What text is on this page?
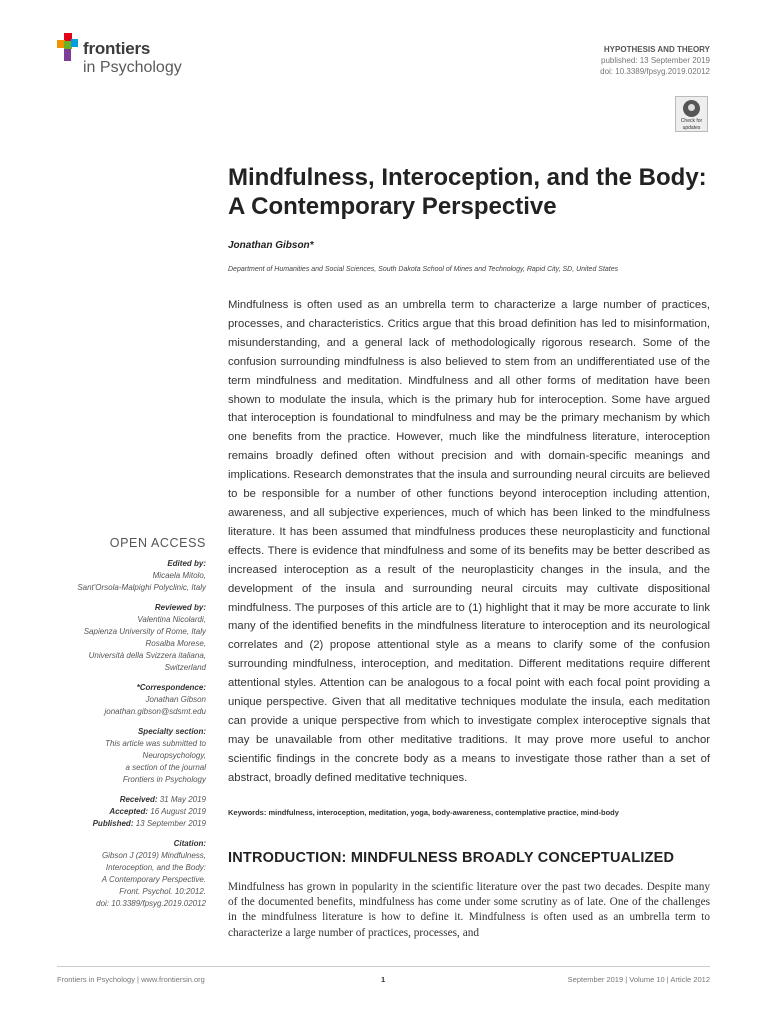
frontiers
in Psychology
HYPOTHESIS AND THEORY
published: 13 September 2019
doi: 10.3389/fpsyg.2019.02012
Check for
updates
Mindfulness, Interoception, and the Body: A Contemporary Perspective
Jonathan Gibson*
Department of Humanities and Social Sciences, South Dakota School of Mines and Technology, Rapid City, SD, United States

Mindfulness is often used as an umbrella term to characterize a large number of practices, processes, and characteristics. Critics argue that this broad definition has led to misinformation, misunderstanding, and a general lack of methodologically rigorous research. Some of the confusion surrounding mindfulness is also believed to stem from an undifferentiated use of the term mindfulness and meditation. Mindfulness and all other forms of meditation have been shown to modulate the insula, which is the primary hub for interoception. Some have argued that interoception is foundational to mindfulness and may be the primary mechanism by which one benefits from the practice. However, much like the mindfulness literature, interoception remains broadly defined often without precision and with domain-specific meanings and implications. Research demonstrates that the insula and surrounding neural circuits are believed to be responsible for a number of other functions beyond interoception including attention, awareness, and all subjective experiences, much of which has been linked to the mindfulness literature. It has been assumed that mindfulness produces these neuroplasticity and functional effects. There is evidence that mindfulness and some of its benefits may be better described as increased interoception as a result of the neuroplasticity changes in the insula, and the development of the insula and surrounding neural circuits may cultivate dispositional mindfulness. The purposes of this article are to (1) highlight that it may be more accurate to link many of the identified benefits in the mindfulness literature to interoception and its neurological correlates and (2) propose attentional style as a means to clarify some of the confusion surrounding mindfulness, interoception, and meditation. Different meditations require different attentional styles. Attention can be analogous to a focal point with each focal point providing a unique perspective. Given that all meditative techniques modulate the insula, each meditation can provide a unique perspective from which to investigate complex interoceptive signals that may be unavailable from other meditative traditions. It may prove more useful to anchor scientific findings in the concrete body as a means to investigate those rather than a set of abstract, broadly defined meditative techniques.

Keywords: mindfulness, interoception, meditation, yoga, body-awareness, contemplative practice, mind-body
INTRODUCTION: MINDFULNESS BROADLY CONCEPTUALIZED

Mindfulness has grown in popularity in the scientific literature over the past two decades. Despite many of the documented benefits, mindfulness has come under some scrutiny as of late. One of the challenges in the mindfulness literature is how to define it. Mindfulness is often used as an umbrella term to characterize a large number of practices, processes, and

OPEN ACCESS
Edited by:
Micaela Mitolo,
Sant'Orsola-Malpighi Polyclinic, Italy
Reviewed by:
Valentina Nicolardi,
Sapienza University of Rome, Italy
Rosalba Morese,
Università della Svizzera italiana,
Switzerland
*Correspondence:
Jonathan Gibson
jonathan.gibson@sdsmt.edu
Specialty section:
This article was submitted to
Neuropsychology,
a section of the journal
Frontiers in Psychology
Received: 31 May 2019
Accepted: 16 August 2019
Published: 13 September 2019
Citation:
Gibson J (2019) Mindfulness,
Interoception, and the Body:
A Contemporary Perspective.
Front. Psychol. 10:2012.
doi: 10.3389/fpsyg.2019.02012
Frontiers in Psychology | www.frontiersin.org	1	September 2019 | Volume 10 | Article 2012
